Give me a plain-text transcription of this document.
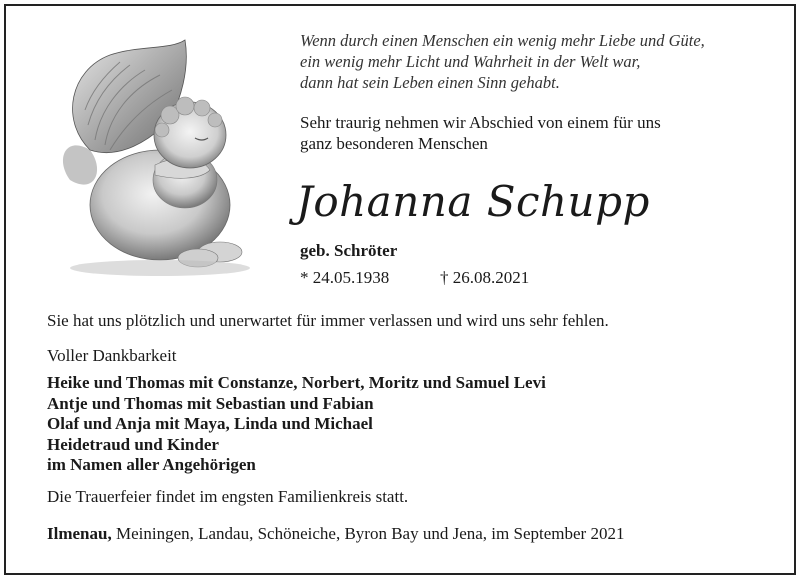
Wenn durch einen Menschen ein wenig mehr Liebe und Güte,
ein wenig mehr Licht und Wahrheit in der Welt war,
dann hat sein Leben einen Sinn gehabt.
Sehr traurig nehmen wir Abschied von einem für uns
ganz besonderen Menschen
Johanna Schupp
geb. Schröter
* 24.05.1938	† 26.08.2021
Sie hat uns plötzlich und unerwartet für immer verlassen und wird uns sehr fehlen.
Voller Dankbarkeit
Heike und Thomas mit Constanze, Norbert, Moritz und Samuel Levi
Antje und Thomas mit Sebastian und Fabian
Olaf und Anja mit Maya, Linda und Michael
Heidetraud und Kinder
im Namen aller Angehörigen
Die Trauerfeier findet im engsten Familienkreis statt.
Ilmenau, Meiningen, Landau, Schöneiche, Byron Bay und Jena, im September 2021
